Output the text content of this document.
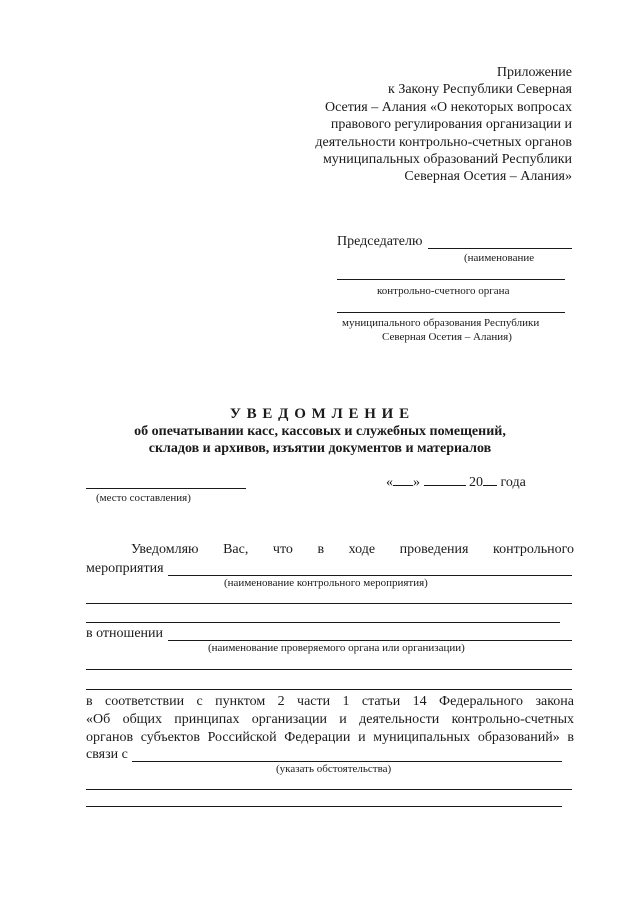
Приложение
к Закону Республики Северная
Осетия – Алания «О некоторых вопросах
правового регулирования организации и
деятельности контрольно-счетных органов
муниципальных образований Республики
Северная Осетия – Алания»
Председателю
(наименование
контрольно-счетного органа
муниципального образования Республики
Северная Осетия – Алания)
У В Е Д О М Л Е Н И Е
об опечатывании касс, кассовых и служебных помещений,
складов и архивов, изъятии документов и материалов
(место составления)
« »	20 года
Уведомляю Вас, что в ходе проведения контрольного
мероприятия
(наименование контрольного мероприятия)
в отношении
(наименование проверяемого органа или организации)
в соответствии с пунктом 2 части 1 статьи 14 Федерального закона
«Об общих принципах организации и деятельности контрольно-счетных
органов субъектов Российской Федерации и муниципальных образований» в
связи с
(указать обстоятельства)
